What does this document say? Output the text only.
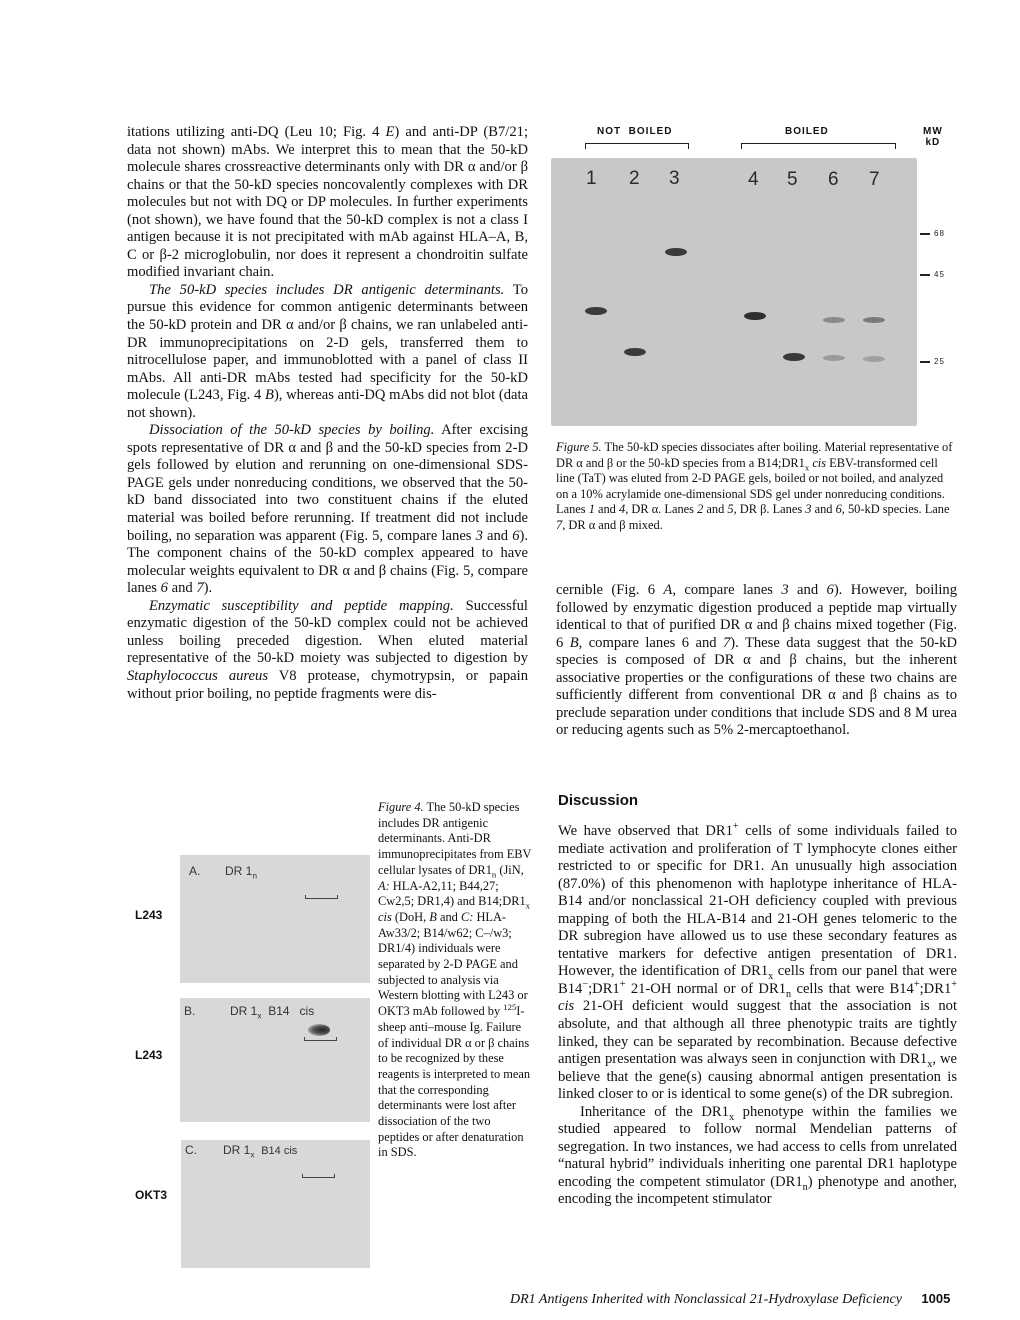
itations utilizing anti-DQ (Leu 10; Fig. 4 E) and anti-DP (B7/21; data not shown) mAbs. We interpret this to mean that the 50-kD molecule shares crossreactive determinants only with DR α and/or β chains or that the 50-kD species noncovalently complexes with DR molecules but not with DQ or DP molecules. In further experiments (not shown), we have found that the 50-kD complex is not a class I antigen because it is not precipitated with mAb against HLA–A, B, C or β-2 microglobulin, nor does it represent a chondroitin sulfate modified invariant chain.

The 50-kD species includes DR antigenic determinants. To pursue this evidence for common antigenic determinants between the 50-kD protein and DR α and/or β chains, we ran unlabeled anti-DR immunoprecipitations on 2-D gels, transferred them to nitrocellulose paper, and immunoblotted with a panel of class II mAbs. All anti-DR mAbs tested had specificity for the 50-kD molecule (L243, Fig. 4 B), whereas anti-DQ mAbs did not blot (data not shown).

Dissociation of the 50-kD species by boiling. After excising spots representative of DR α and β and the 50-kD species from 2-D gels followed by elution and rerunning on one-dimensional SDS-PAGE gels under nonreducing conditions, we observed that the 50-kD band dissociated into two constituent chains if the eluted material was boiled before rerunning. If treatment did not include boiling, no separation was apparent (Fig. 5, compare lanes 3 and 6). The component chains of the 50-kD complex appeared to have molecular weights equivalent to DR α and β chains (Fig. 5, compare lanes 6 and 7).

Enzymatic susceptibility and peptide mapping. Successful enzymatic digestion of the 50-kD complex could not be achieved unless boiling preceded digestion. When eluted material representative of the 50-kD moiety was subjected to digestion by Staphylococcus aureus V8 protease, chymotrypsin, or papain without prior boiling, no peptide fragments were dis-

NOT  BOILED	BOILED	MW
kD
1 2 3	4 5 6 7
68
45
25
Figure 5. The 50-kD species dissociates after boiling. Material representative of DR α and β or the 50-kD species from a $B14;DR1_x$ cis EBV-transformed cell line (TaT) was eluted from 2-D PAGE gels, boiled or not boiled, and analyzed on a 10% acrylamide one-dimensional SDS gel under nonreducing conditions. Lanes 1 and 4, DR α. Lanes 2 and 5, DR β. Lanes 3 and 6, 50-kD species. Lane 7, DR α and β mixed.

cernible (Fig. 6 A, compare lanes 3 and 6). However, boiling followed by enzymatic digestion produced a peptide map virtually identical to that of purified DR α and β chains mixed together (Fig. 6 B, compare lanes 6 and 7). These data suggest that the 50-kD species is composed of DR α and β chains, but the inherent associative properties or the configurations of these two chains are sufficiently different from conventional DR α and β chains as to preclude separation under conditions that include SDS and 8 M urea or reducing agents such as 5% 2-mercaptoethanol.

L243
A. DR $1_n$
L243
B.	DR $1_x$ B14   cis
OKT3
C. DR $1_x$ B14 cis
Figure 4. The 50-kD species includes DR antigenic determinants. Anti-DR immunoprecipitates from EBV cellular lysates of $DR1_n$ (JiN, A: HLA-A2,11; B44,27; Cw2,5; DR1,4) and $B14;DR1_x$ cis (DoH, B and C: HLA-Aw33/2; B14/w62; C–/w3; DR1/4) individuals were separated by 2-D PAGE and subjected to analysis via Western blotting with L243 or OKT3 mAb followed by $^{125}$I-sheep anti–mouse Ig. Failure of individual DR α or β chains to be recognized by these reagents is interpreted to mean that the corresponding determinants were lost after dissociation of the two peptides or after denaturation in SDS.
Discussion

We have observed that DR1+ cells of some individuals failed to mediate activation and proliferation of T lymphocyte clones either restricted to or specific for DR1. An unusually high association (87.0%) of this phenomenon with haplotype inheritance of HLA-B14 and/or nonclassical 21-OH deficiency coupled with previous mapping of both the HLA-B14 and 21-OH genes telomeric to the DR subregion have allowed us to use these secondary features as tentative markers for defective antigen presentation of DR1. However, the identification of $DR1_x$ cells from our panel that were B14−;DR1+ 21-OH normal or of $DR1_n$ cells that were B14+;DR1+ cis 21-OH deficient would suggest that the association is not absolute, and that although all three phenotypic traits are tightly linked, they can be separated by recombination. Because defective antigen presentation was always seen in conjunction with $DR1_x$, we believe that the gene(s) causing abnormal antigen presentation is linked closer to or is identical to some gene(s) of the DR subregion.

Inheritance of the $DR1_x$ phenotype within the families we studied appeared to follow normal Mendelian patterns of segregation. In two instances, we had access to cells from unrelated “natural hybrid” individuals inheriting one parental DR1 haplotype encoding the competent stimulator $(DR1_n)$ phenotype and another, encoding the incompetent stimulator

DR1 Antigens Inherited with Nonclassical 21-Hydroxylase Deficiency 1005
